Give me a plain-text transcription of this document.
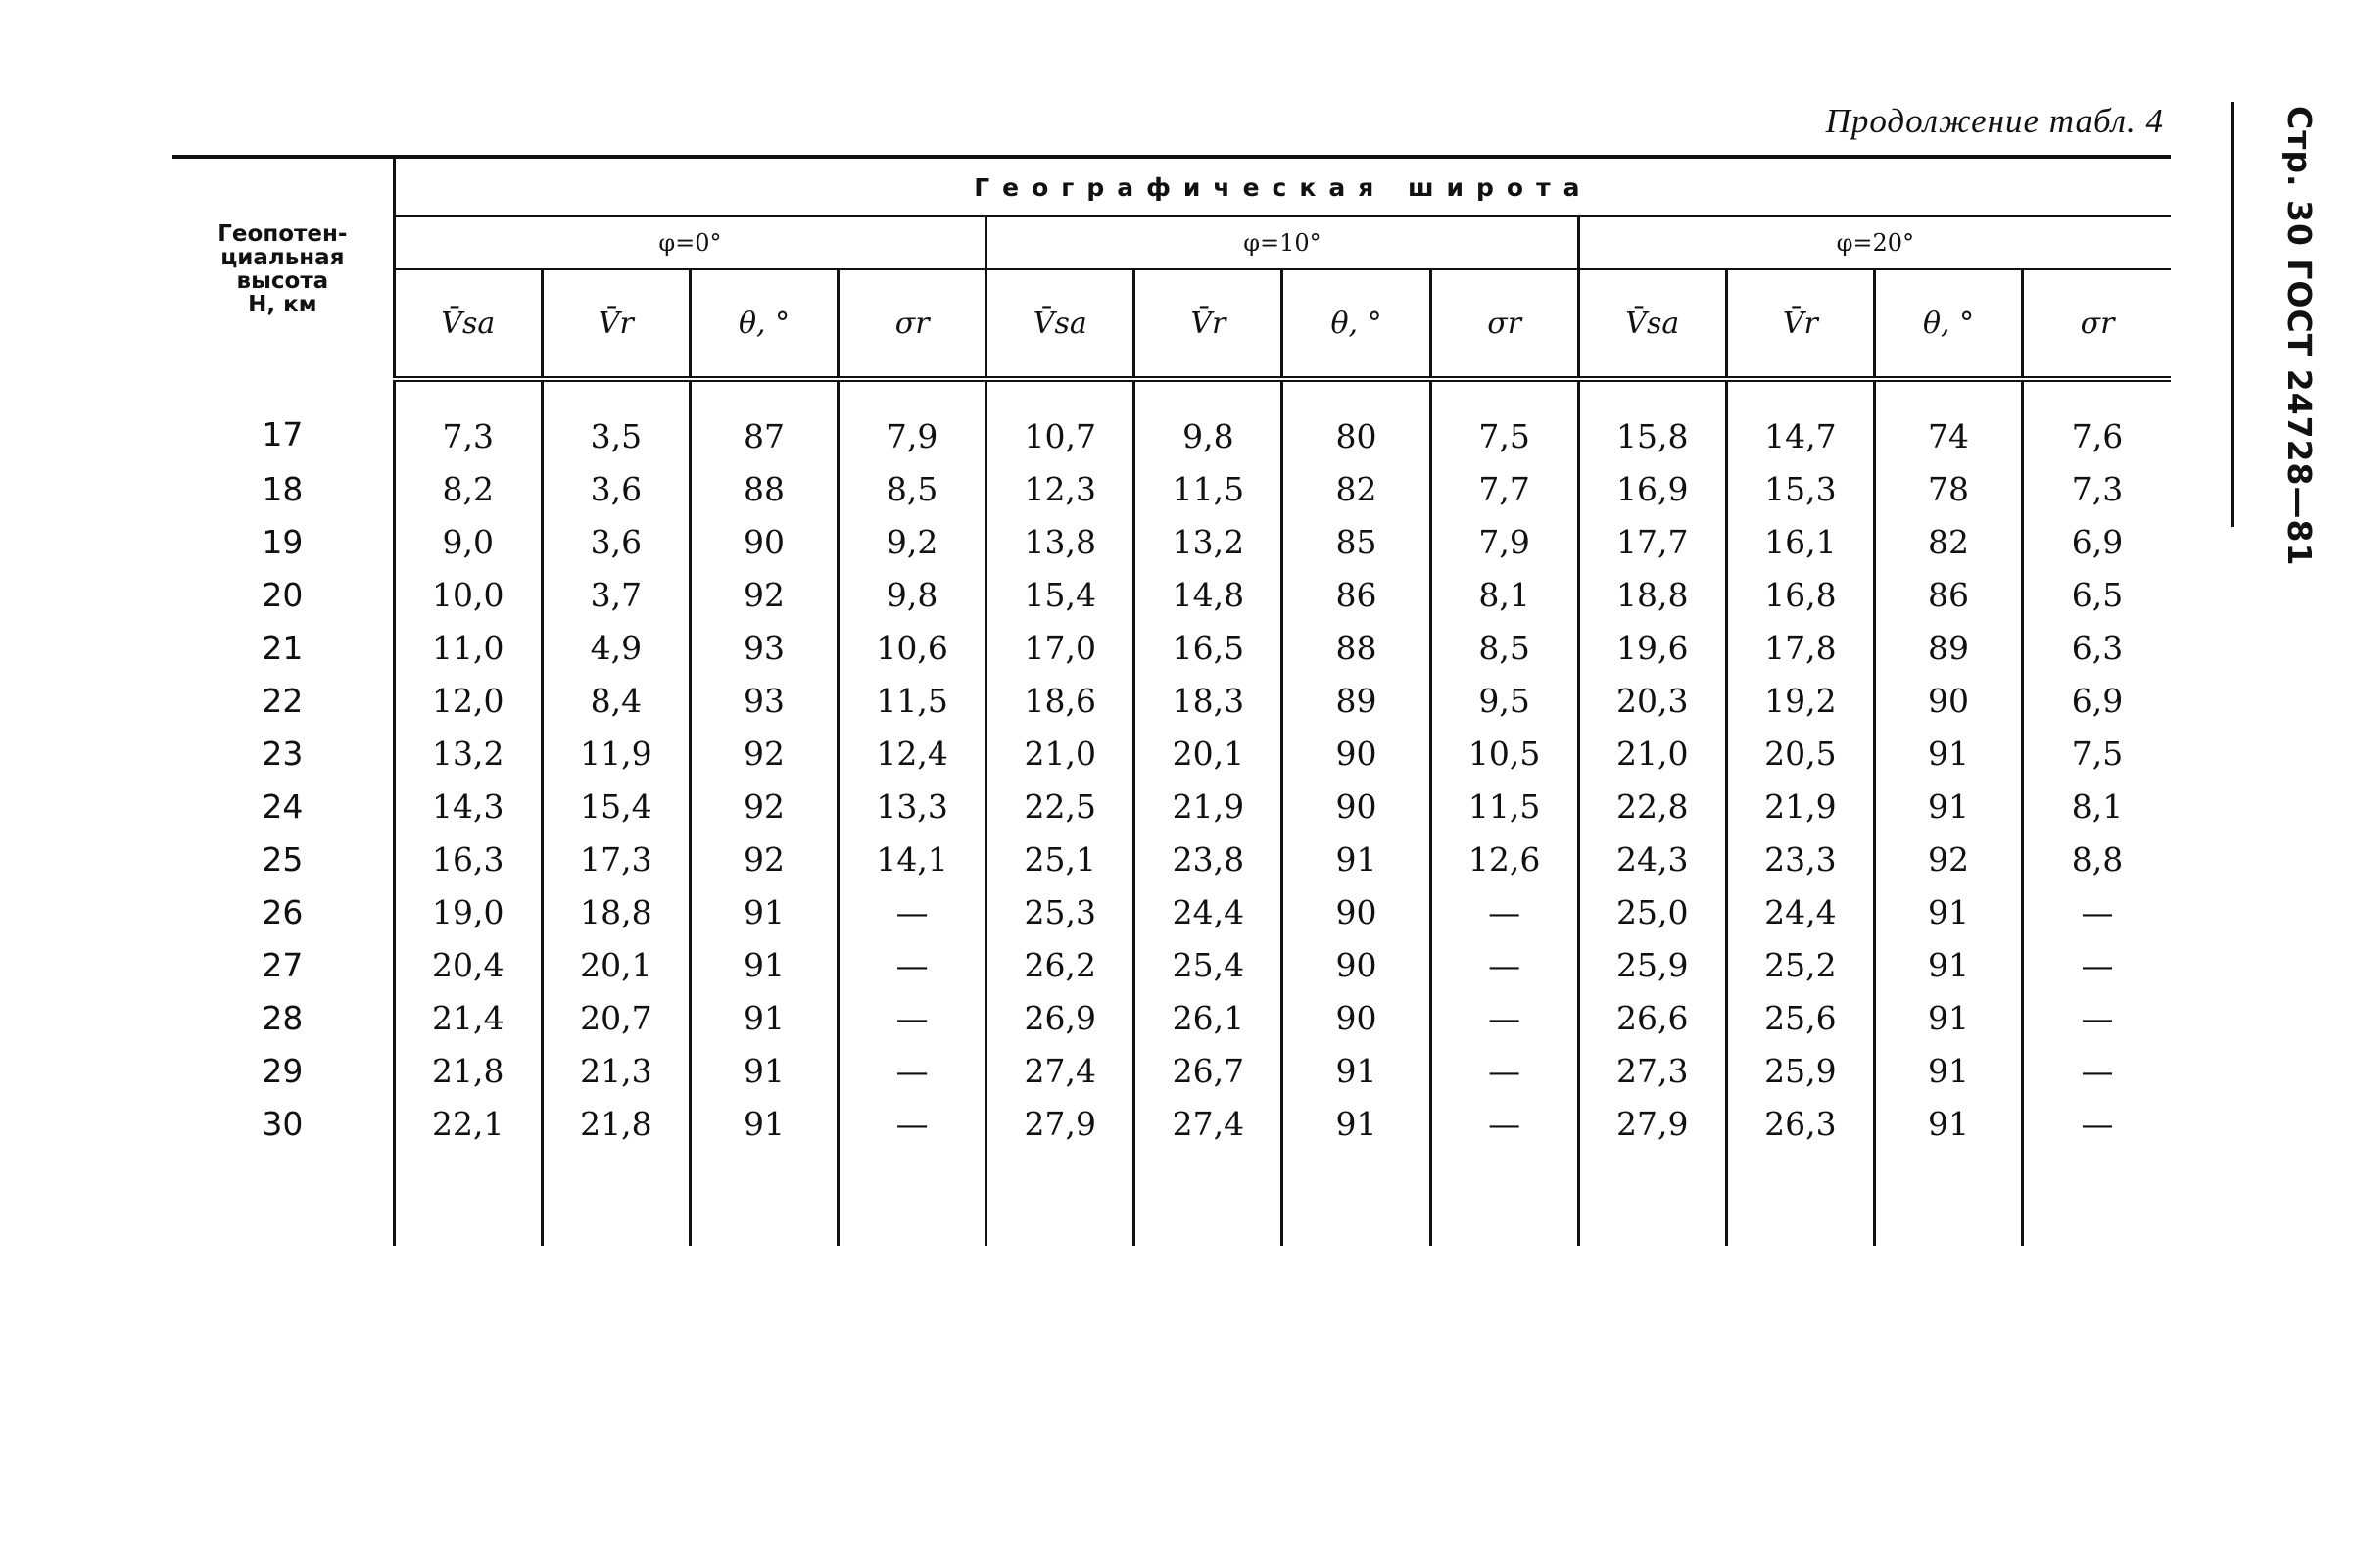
Продолжение табл. 4	Стр. 30 ГОСТ 24728—81
Геопотен-
циальная
высота
H, км	Географическая широта											
	φ=0°				φ=10°				φ=20°			
	V̄sa	V̄r	θ, °	σr	V̄sa	V̄r	θ, °	σr	V̄sa	V̄r	θ, °	σr
17	7,3	3,5	87	7,9	10,7	9,8	80	7,5	15,8	14,7	74	7,6
18	8,2	3,6	88	8,5	12,3	11,5	82	7,7	16,9	15,3	78	7,3
19	9,0	3,6	90	9,2	13,8	13,2	85	7,9	17,7	16,1	82	6,9
20	10,0	3,7	92	9,8	15,4	14,8	86	8,1	18,8	16,8	86	6,5
21	11,0	4,9	93	10,6	17,0	16,5	88	8,5	19,6	17,8	89	6,3
22	12,0	8,4	93	11,5	18,6	18,3	89	9,5	20,3	19,2	90	6,9
23	13,2	11,9	92	12,4	21,0	20,1	90	10,5	21,0	20,5	91	7,5
24	14,3	15,4	92	13,3	22,5	21,9	90	11,5	22,8	21,9	91	8,1
25	16,3	17,3	92	14,1	25,1	23,8	91	12,6	24,3	23,3	92	8,8
26	19,0	18,8	91	—	25,3	24,4	90	—	25,0	24,4	91	—
27	20,4	20,1	91	—	26,2	25,4	90	—	25,9	25,2	91	—
28	21,4	20,7	91	—	26,9	26,1	90	—	26,6	25,6	91	—
29	21,8	21,3	91	—	27,4	26,7	91	—	27,3	25,9	91	—
30	22,1	21,8	91	—	27,9	27,4	91	—	27,9	26,3	91	—
